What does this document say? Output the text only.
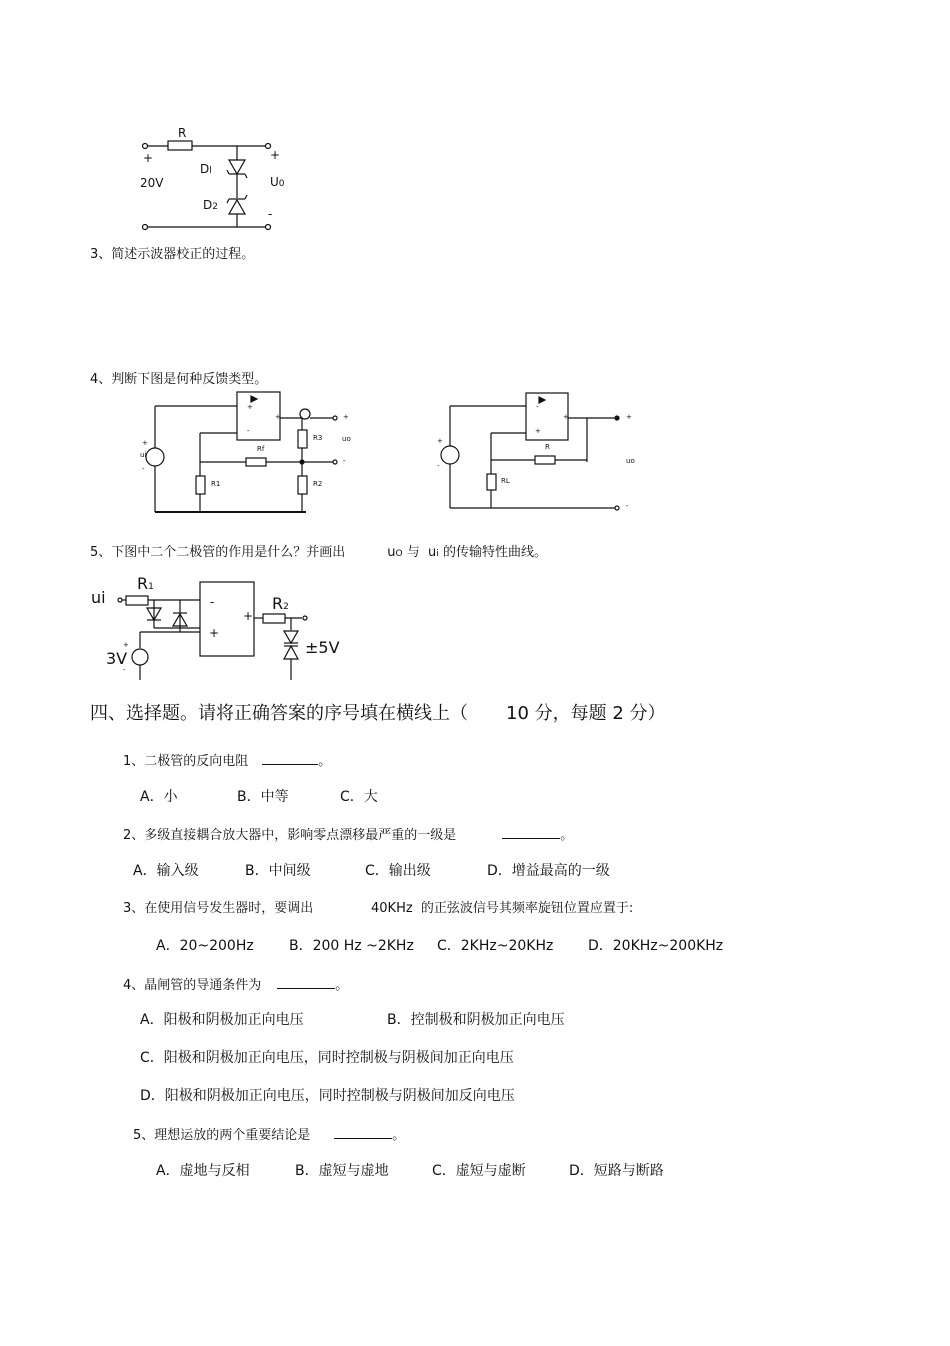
R
+
20V
Dl
D2
+
U0
-
3、简述示波器校正的过程。
4、判断下图是何种反馈类型。
+
-
+
+
ui
-
Rf
R3
R1	R2
+
uo
-
-
+
+
+
-
R
RL
+
uo
-
5、下图中二个二极管的作用是什么？并画出	uO 与 ui 的传输特性曲线。
ui
R1
R2
-
+
+
+
-
3V
±5V
四、选择题。请将正确答案的序号填在横线上（ 10 分，每题 2 分）
1、二极管的反向电阻	。
A．小	B．中等	C．大
2、多级直接耦合放大器中，影响零点漂移最严重的一级是	。
A．输入级	B．中间级	C．输出级	D．增益最高的一级
3、在使用信号发生器时，要调出	40KHz  的正弦波信号其频率旋钮位置应置于:
A．20~200Hz	B．200 Hz ~2KHz C．2KHz~20KHz D．20KHz~200KHz
4、晶闸管的导通条件为	。
A．阳极和阴极加正向电压	B．控制极和阴极加正向电压
C．阳极和阴极加正向电压，同时控制极与阴极间加正向电压
D．阳极和阴极加正向电压，同时控制极与阴极间加反向电压
5、理想运放的两个重要结论是	。
A．虚地与反相	B．虚短与虚地	C．虚短与虚断	D．短路与断路
